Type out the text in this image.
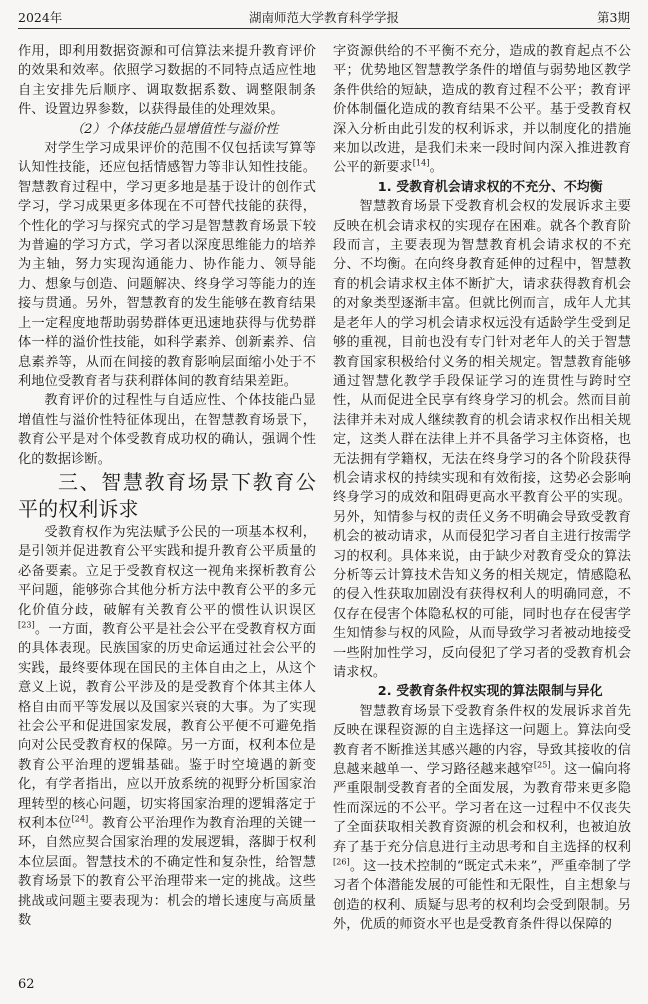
2024年	湖南师范大学教育科学学报	第3期

作用，即利用数据资源和可信算法来提升教育评价的效果和效率。依照学习数据的不同特点适应性地自主安排先后顺序、调取数据系数、调整限制条件、设置边界参数，以获得最佳的处理效果。

（2）个体技能凸显增值性与溢价性

对学生学习成果评价的范围不仅包括读写算等认知性技能，还应包括情感智力等非认知性技能。智慧教育过程中，学习更多地是基于设计的创作式学习，学习成果更多体现在不可替代技能的获得，个性化的学习与探究式的学习是智慧教育场景下较为普遍的学习方式，学习者以深度思维能力的培养为主轴，努力实现沟通能力、协作能力、领导能力、想象与创造、问题解决、终身学习等能力的连接与贯通。另外，智慧教育的发生能够在教育结果上一定程度地帮助弱势群体更迅速地获得与优势群体一样的溢价性技能，如科学素养、创新素养、信息素养等，从而在间接的教育影响层面缩小处于不利地位受教育者与获利群体间的教育结果差距。

教育评价的过程性与自适应性、个体技能凸显增值性与溢价性特征体现出，在智慧教育场景下，教育公平是对个体受教育成功权的确认，强调个性化的数据诊断。

三、智慧教育场景下教育公平的权利诉求

受教育权作为宪法赋予公民的一项基本权利，是引领并促进教育公平实践和提升教育公平质量的必备要素。立足于受教育权这一视角来探析教育公平问题，能够弥合其他分析方法中教育公平的多元化价值分歧，破解有关教育公平的惯性认识误区[23]。一方面，教育公平是社会公平在受教育权方面的具体表现。民族国家的历史命运通过社会公平的实践，最终要体现在国民的主体自由之上，从这个意义上说，教育公平涉及的是受教育个体其主体人格自由而平等发展以及国家兴衰的大事。为了实现社会公平和促进国家发展，教育公平便不可避免指向对公民受教育权的保障。另一方面，权利本位是教育公平治理的逻辑基础。鉴于时空境遇的新变化，有学者指出，应以开放系统的视野分析国家治理转型的核心问题，切实将国家治理的逻辑落定于权利本位[24]。教育公平治理作为教育治理的关键一环，自然应契合国家治理的发展逻辑，落脚于权利本位层面。智慧技术的不确定性和复杂性，给智慧教育场景下的教育公平治理带来一定的挑战。这些挑战或问题主要表现为：机会的增长速度与高质量数

字资源供给的不平衡不充分，造成的教育起点不公平；优势地区智慧教学条件的增值与弱势地区教学条件供给的短缺，造成的教育过程不公平；教育评价体制僵化造成的教育结果不公平。基于受教育权深入分析由此引发的权利诉求，并以制度化的措施来加以改进，是我们未来一段时间内深入推进教育公平的新要求[14]。

1. 受教育机会请求权的不充分、不均衡

智慧教育场景下受教育机会权的发展诉求主要反映在机会请求权的实现存在困难。就各个教育阶段而言，主要表现为智慧教育机会请求权的不充分、不均衡。在向终身教育延伸的过程中，智慧教育的机会请求权主体不断扩大，请求获得教育机会的对象类型逐渐丰富。但就比例而言，成年人尤其是老年人的学习机会请求权远没有适龄学生受到足够的重视，目前也没有专门针对老年人的关于智慧教育国家积极给付义务的相关规定。智慧教育能够通过智慧化教学手段保证学习的连贯性与跨时空性，从而促进全民享有终身学习的机会。然而目前法律并未对成人继续教育的机会请求权作出相关规定，这类人群在法律上并不具备学习主体资格，也无法拥有学籍权，无法在终身学习的各个阶段获得机会请求权的持续实现和有效衔接，这势必会影响终身学习的成效和阻碍更高水平教育公平的实现。另外，知情参与权的责任义务不明确会导致受教育机会的被动请求，从而侵犯学习者自主进行按需学习的权利。具体来说，由于缺少对教育受众的算法分析等云计算技术告知义务的相关规定，情感隐私的侵入性获取加剧没有获得权利人的明确同意，不仅存在侵害个体隐私权的可能，同时也存在侵害学生知情参与权的风险，从而导致学习者被动地接受一些附加性学习，反向侵犯了学习者的受教育机会请求权。

2. 受教育条件权实现的算法限制与异化

智慧教育场景下受教育条件权的发展诉求首先反映在课程资源的自主选择这一问题上。算法向受教育者不断推送其感兴趣的内容，导致其接收的信息越来越单一、学习路径越来越窄[25]。这一偏向将严重限制受教育者的全面发展，为教育带来更多隐性而深远的不公平。学习者在这一过程中不仅丧失了全面获取相关教育资源的机会和权利，也被迫放弃了基于充分信息进行主动思考和自主选择的权利[26]。这一技术控制的“既定式未来”，严重牵制了学习者个体潜能发展的可能性和无限性，自主想象与创造的权利、质疑与思考的权利均会受到限制。另外，优质的师资水平也是受教育条件得以保障的

62
